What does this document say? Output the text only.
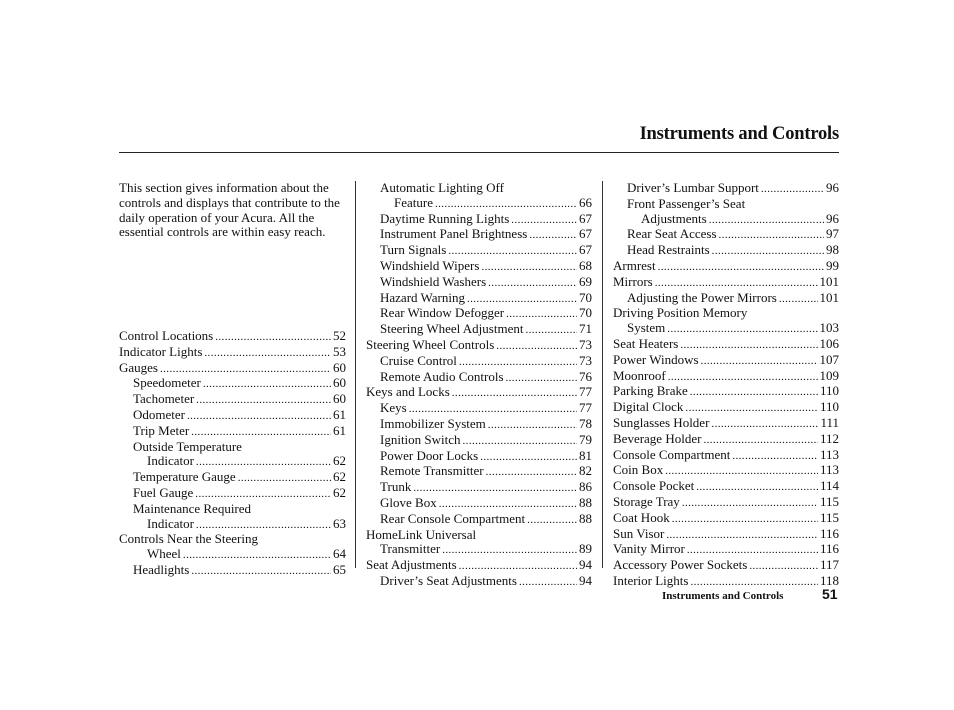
Instruments and Controls
This section gives information about the controls and displays that contribute to the daily operation of your Acura. All the essential controls are within easy reach.
Control Locations .....	52
Indicator Lights .....	53
Gauges .....	60
Speedometer .....	60
Tachometer .....	60
Odometer .....	61
Trip Meter .....	61
Outside Temperature
Indicator .....	62
Temperature Gauge .....	62
Fuel Gauge .....	62
Maintenance Required
Indicator .....	63
Controls Near the Steering
Wheel .....	64
Headlights .....	65
Automatic Lighting Off
Feature .....	66
Daytime Running Lights .....	67
Instrument Panel Brightness .....	67
Turn Signals .....	67
Windshield Wipers .....	68
Windshield Washers .....	69
Hazard Warning .....	70
Rear Window Defogger .....	70
Steering Wheel Adjustment .....	71
Steering Wheel Controls .....	73
Cruise Control .....	73
Remote Audio Controls .....	76
Keys and Locks .....	77
Keys .....	77
Immobilizer System .....	78
Ignition Switch .....	79
Power Door Locks .....	81
Remote Transmitter .....	82
Trunk .....	86
Glove Box .....	88
Rear Console Compartment .....	88
HomeLink Universal
Transmitter .....	89
Seat Adjustments .....	94
Driver’s Seat Adjustments .....	94
Driver’s Lumbar Support .....	96
Front Passenger’s Seat
Adjustments .....	96
Rear Seat Access .....	97
Head Restraints .....	98
Armrest .....	99
Mirrors .....	101
Adjusting the Power Mirrors .....	101
Driving Position Memory
System .....	103
Seat Heaters .....	106
Power Windows .....	107
Moonroof .....	109
Parking Brake .....	110
Digital Clock .....	110
Sunglasses Holder .....	111
Beverage Holder .....	112
Console Compartment .....	113
Coin Box .....	113
Console Pocket .....	114
Storage Tray .....	115
Coat Hook .....	115
Sun Visor .....	116
Vanity Mirror .....	116
Accessory Power Sockets .....	117
Interior Lights .....	118
Instruments and Controls	51
